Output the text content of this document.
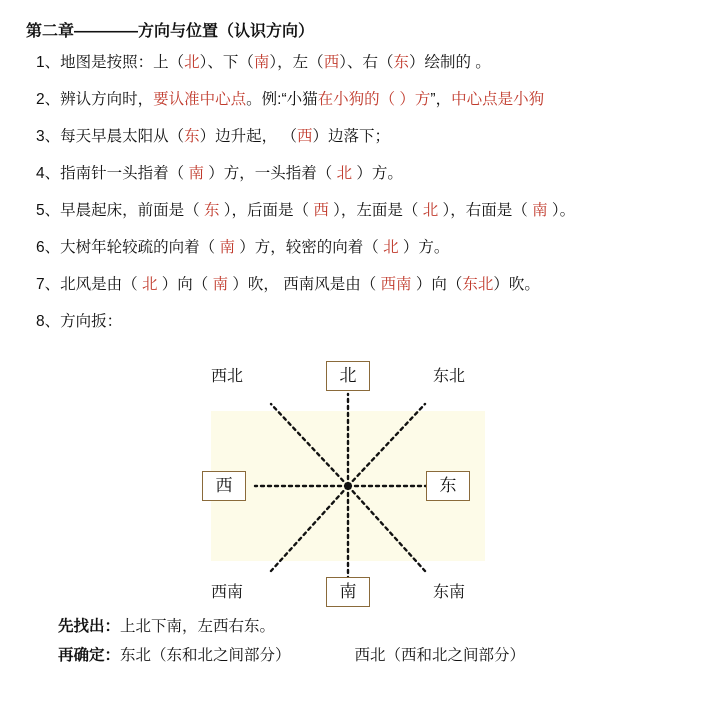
第二章————方向与位置（认识方向）
1、地图是按照：上（北）、下（南），左（西）、右（东）绘制的 。
2、辨认方向时，要认准中心点。例:“小猫在小狗的（ ）方”，中心点是小狗
3、每天早晨太阳从（东）边升起， （西）边落下；
4、指南针一头指着（ 南 ）方，一头指着（ 北 ）方。
5、早晨起床，前面是（ 东 ），后面是（ 西 ），左面是（ 北 ），右面是（ 南 ）。
6、大树年轮较疏的向着（ 南 ）方，较密的向着（ 北 ）方。
7、北风是由（ 北 ）向（ 南 ）吹， 西南风是由（ 西南 ）向（东北）吹。
8、方向扳：
北
南
西	东
西北	东北
西南	东南
先找出：上北下南，左西右东。
再确定：东北（东和北之间部分）	西北（西和北之间部分）
